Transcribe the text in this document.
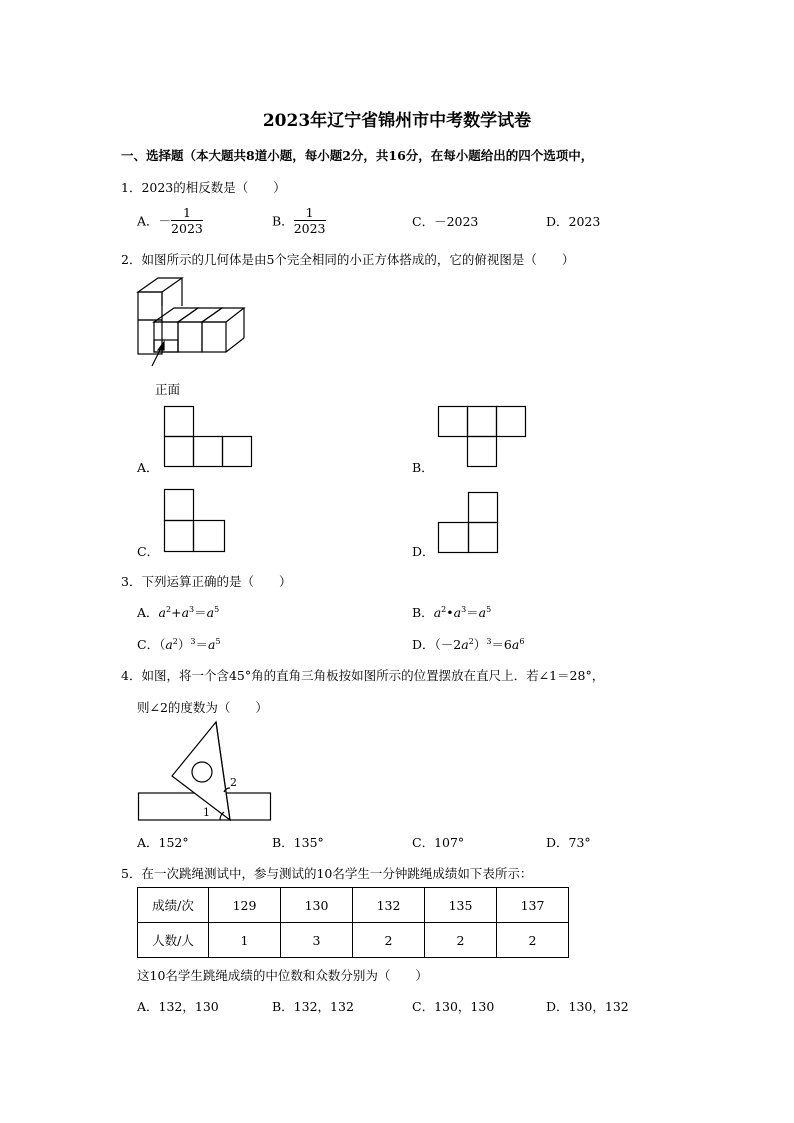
2023年辽宁省锦州市中考数学试卷
一、选择题（本大题共8道小题，每小题2分，共16分，在每小题给出的四个选项中，
1．2023的相反数是（　　）
A．－ $\frac{1}{2023}$	B． $\frac{1}{2023}$	C．－2023	D．2023
2．如图所示的几何体是由5个完全相同的小正方体搭成的，它的俯视图是（　　）
正面
A．	B．
C．	D．
3．下列运算正确的是（　　）
A．$a^2+a^3=a^5$	B．$a^2•a^3=a^5$
C．$(a^2)^3=a^5$	D．$(-2a^2)^3=6a^6$
4．如图，将一个含45°角的直角三角板按如图所示的位置摆放在直尺上．若∠1＝28°，
则∠2的度数为（　　）
1
2
A．152°	B．135°	C．107°	D．73°
5．在一次跳绳测试中，参与测试的10名学生一分钟跳绳成绩如下表所示：
成绩/次	129	130	132	135	137
人数/人	1	3	2	2	2
这10名学生跳绳成绩的中位数和众数分别为（　　）
A．132，130	B．132，132	C．130，130	D．130，132
